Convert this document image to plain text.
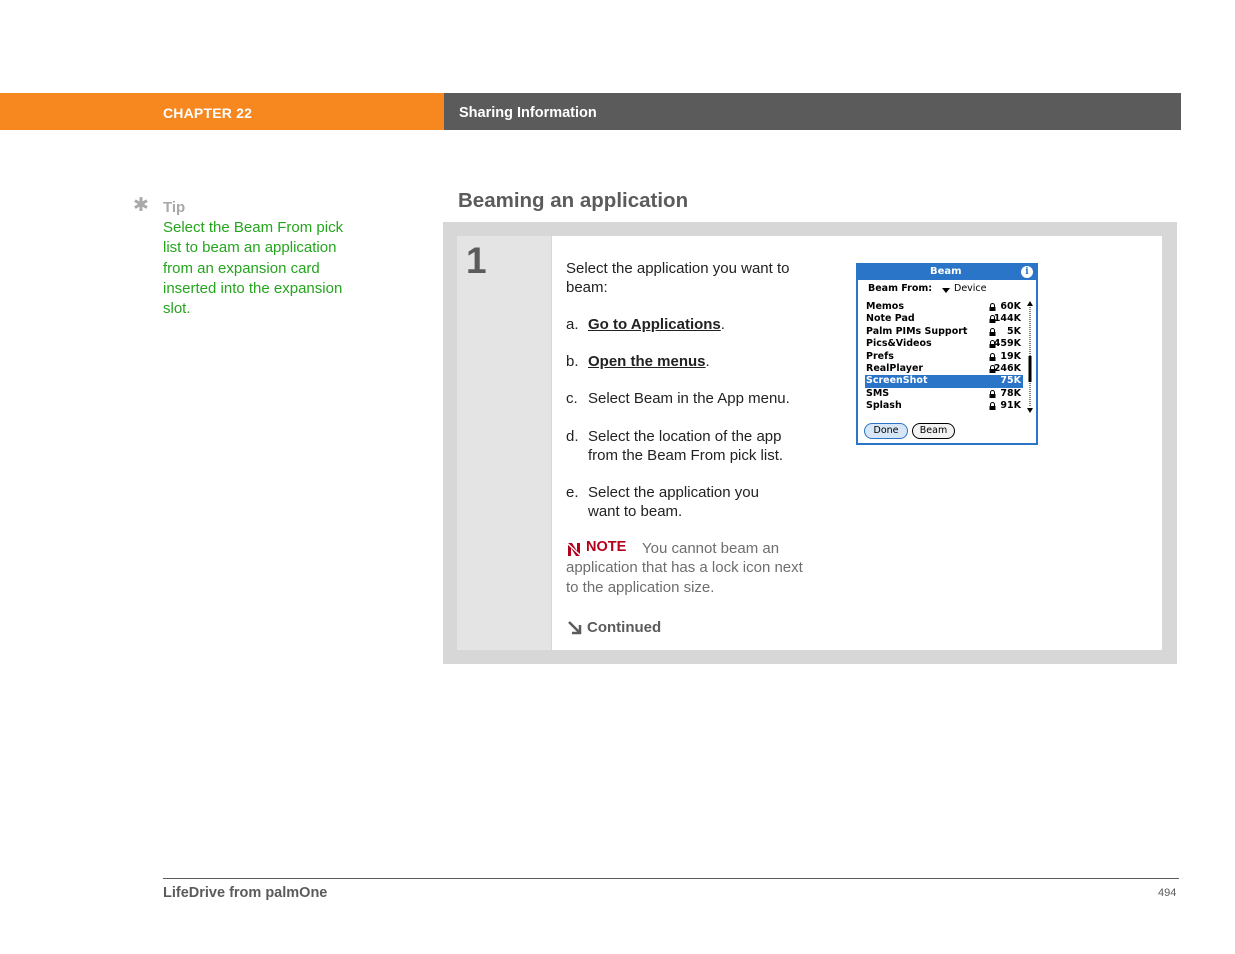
CHAPTER 22	Sharing Information
✱ Tip
Select the Beam From pick list to beam an application from an expansion card inserted into the expansion slot.
Beaming an application
1	Select the application you want to beam:
a. Go to Applications.
b. Open the menus.
c. Select Beam in the App menu.
d. Select the location of the app from the Beam From pick list.
e. Select the application you want to beam.
NOTE	You cannot beam an application that has a lock icon next to the application size.
Continued
Beam	i
Beam From: Device
Memos	60K
Note Pad	144K
Palm PIMs Support	5K
Pics&Videos	459K
Prefs	19K
RealPlayer	246K
ScreenShot	75K
SMS	78K
Splash	91K
Done	Beam
LifeDrive from palmOne	494
